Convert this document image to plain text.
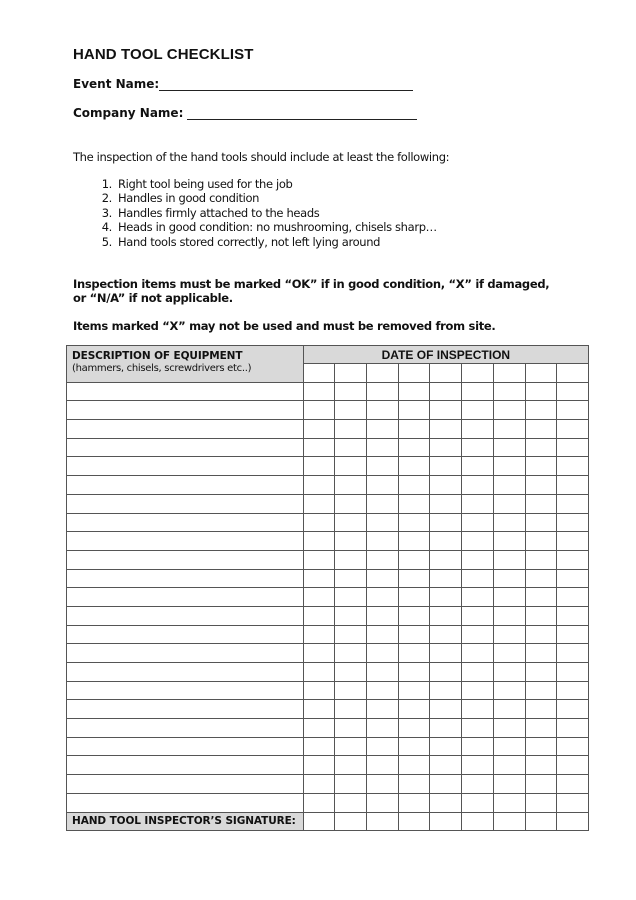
HAND TOOL CHECKLIST
Event Name:
Company Name:
The inspection of the hand tools should include at least the following:
1. Right tool being used for the job
2. Handles in good condition
3. Handles firmly attached to the heads
4. Heads in good condition: no mushrooming, chisels sharp…
5. Hand tools stored correctly, not left lying around
Inspection items must be marked “OK” if in good condition, “X” if damaged, or “N/A” if not applicable.
Items marked “X” may not be used and must be removed from site.
DESCRIPTION OF EQUIPMENT
(hammers, chisels, screwdrivers etc..)	DATE OF INSPECTION								

HAND TOOL INSPECTOR’S SIGNATURE:									
